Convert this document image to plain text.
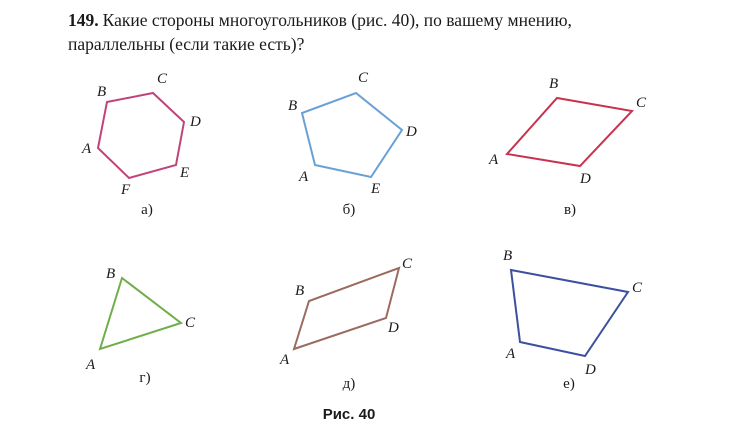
149. Какие стороны многоугольников (рис. 40), по вашему мнению,
параллельны (если такие есть)?
Рис. 40
A
B
C
D
E
F
а)
A
B
C
D
E
б)
A
B
C
D
в)
A
B
C
г)
A
B
C
D
д)
A
B
C
D
е)
